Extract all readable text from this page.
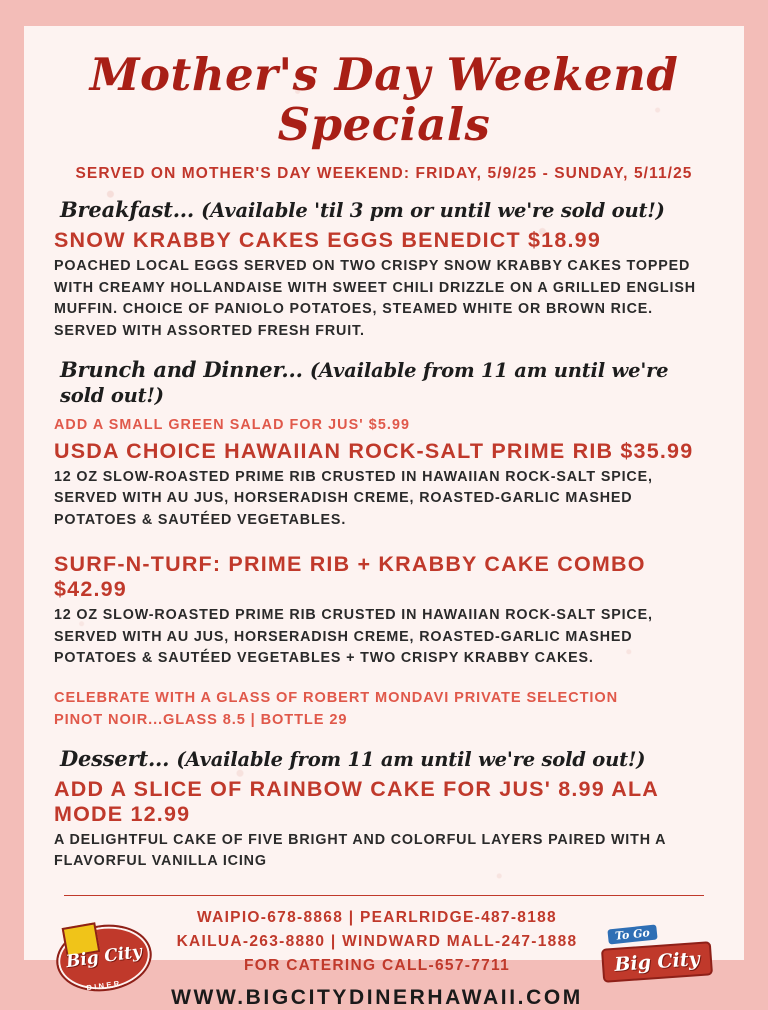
Mother's Day Weekend Specials
SERVED ON MOTHER'S DAY WEEKEND: FRIDAY, 5/9/25 - SUNDAY, 5/11/25
Breakfast... (Available 'til 3 pm or until we're sold out!)
SNOW KRABBY CAKES EGGS BENEDICT $18.99
POACHED LOCAL EGGS SERVED ON TWO CRISPY SNOW KRABBY CAKES TOPPED WITH CREAMY HOLLANDAISE WITH SWEET CHILI DRIZZLE ON A GRILLED ENGLISH MUFFIN. CHOICE OF PANIOLO POTATOES, STEAMED WHITE OR BROWN RICE. SERVED WITH ASSORTED FRESH FRUIT.
Brunch and Dinner... (Available from 11 am until we're sold out!)
ADD A SMALL GREEN SALAD FOR JUS' $5.99
USDA CHOICE HAWAIIAN ROCK-SALT PRIME RIB $35.99
12 OZ SLOW-ROASTED PRIME RIB CRUSTED IN HAWAIIAN ROCK-SALT SPICE, SERVED WITH AU JUS, HORSERADISH CREME, ROASTED-GARLIC MASHED POTATOES & SAUTÉED VEGETABLES.
SURF-N-TURF: PRIME RIB + KRABBY CAKE COMBO $42.99
12 OZ SLOW-ROASTED PRIME RIB CRUSTED IN HAWAIIAN ROCK-SALT SPICE, SERVED WITH AU JUS, HORSERADISH CREME, ROASTED-GARLIC MASHED POTATOES & SAUTÉED VEGETABLES + TWO CRISPY KRABBY CAKES.
CELEBRATE WITH A GLASS OF ROBERT MONDAVI PRIVATE SELECTION
PINOT NOIR...GLASS 8.5 | BOTTLE 29
Dessert... (Available from 11 am until we're sold out!)
ADD A SLICE OF RAINBOW CAKE FOR JUS' 8.99 ALA MODE 12.99
A DELIGHTFUL CAKE OF FIVE BRIGHT AND COLORFUL LAYERS PAIRED WITH A FLAVORFUL VANILLA ICING
Big City
DINER
WAIPIO-678-8868 | PEARLRIDGE-487-8188
KAILUA-263-8880 | WINDWARD MALL-247-1888
FOR CATERING CALL-657-7711
WWW.BIGCITYDINERHAWAII.COM
To Go
Big City
